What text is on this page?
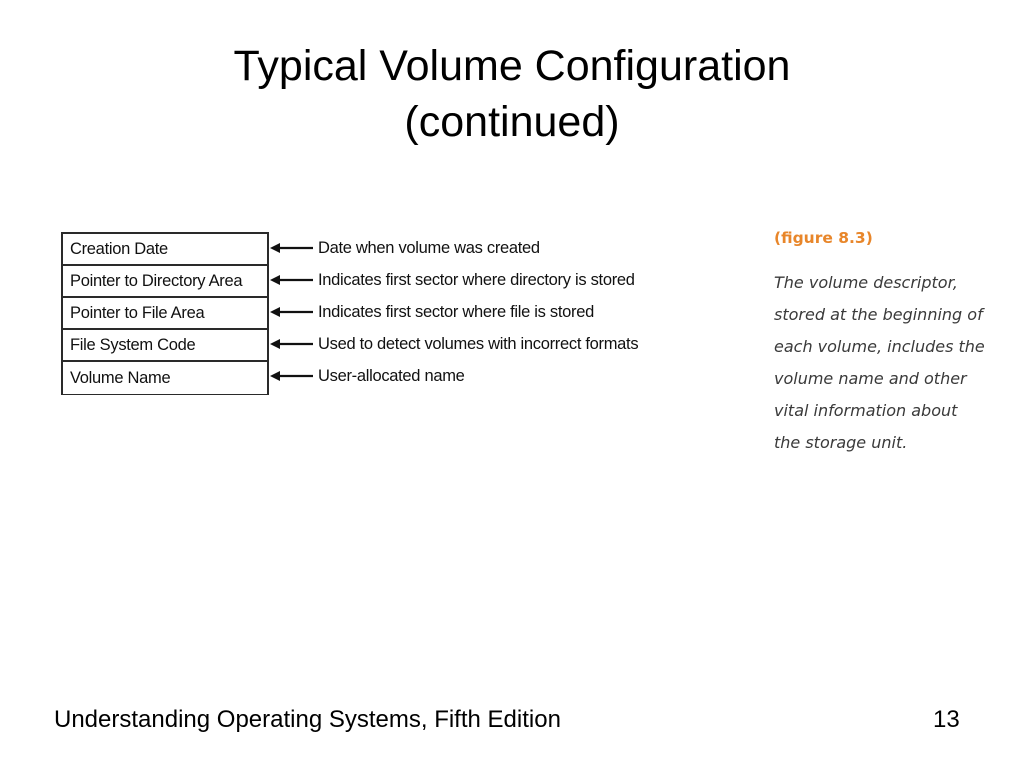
Typical Volume Configuration
(continued)
Creation Date
Pointer to Directory Area
Pointer to File Area
File System Code
Volume Name
Date when volume was created
Indicates first sector where directory is stored
Indicates first sector where file is stored
Used to detect volumes with incorrect formats
User-allocated name
(figure 8.3)
The volume descriptor,
stored at the beginning of
each volume, includes the
volume name and other
vital information about
the storage unit.
Understanding Operating Systems, Fifth Edition	13
